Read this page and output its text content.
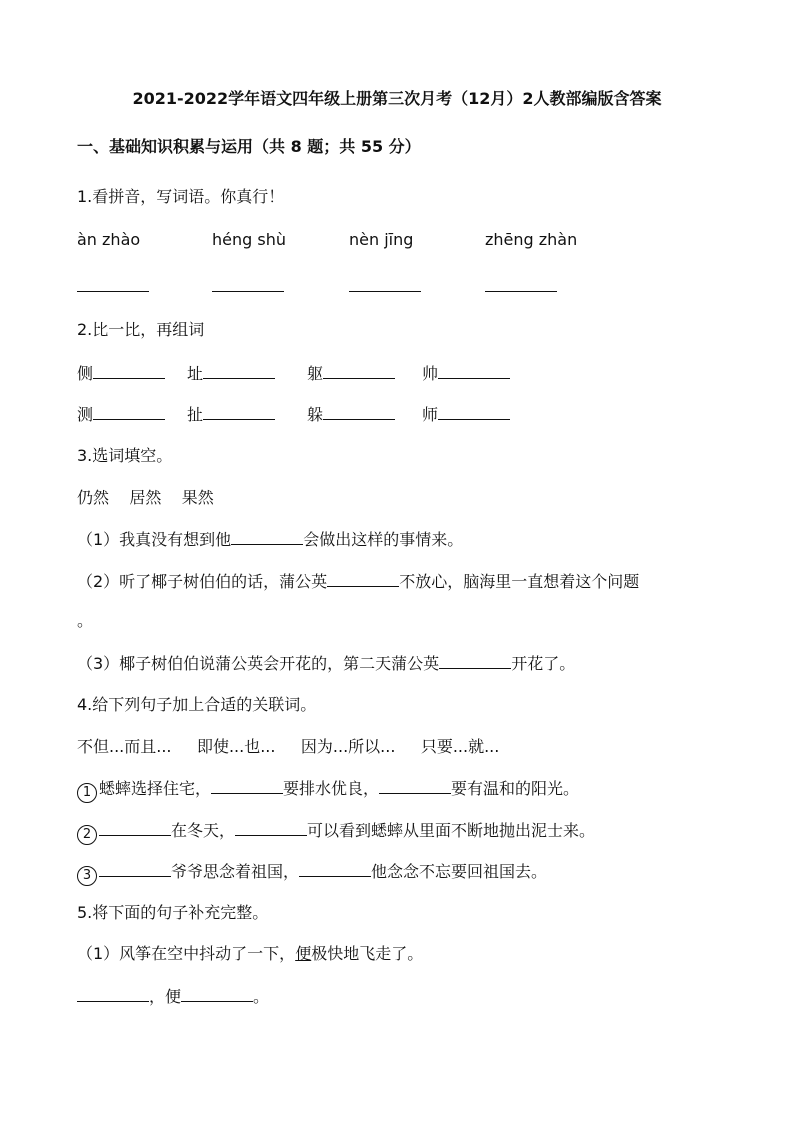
2021-2022学年语文四年级上册第三次月考（12月）2人教部编版含答案
一、基础知识积累与运用（共 8 题；共 55 分）
1.看拼音，写词语。你真行！
àn zhào	héng shù	nèn jīng	zhēng zhàn
2.比一比，再组词
侧	址	躯	帅
测	扯	躲	师
3.选词填空。
仍然    居然    果然
（1）我真没有想到他	会做出这样的事情来。
（2）听了椰子树伯伯的话，蒲公英	不放心，脑海里一直想着这个问题
。
（3）椰子树伯伯说蒲公英会开花的，第二天蒲公英	开花了。
4.给下列句子加上合适的关联词。
不但...而且...     即使...也...     因为...所以...     只要...就...
1 蟋蟀选择住宅，	要排水优良，	要有温和的阳光。
2	在冬天，	可以看到蟋蟀从里面不断地抛出泥士来。
3	爷爷思念着祖国，	他念念不忘要回祖国去。
5.将下面的句子补充完整。
（1）风筝在空中抖动了一下，便极快地飞走了。
，便	。
